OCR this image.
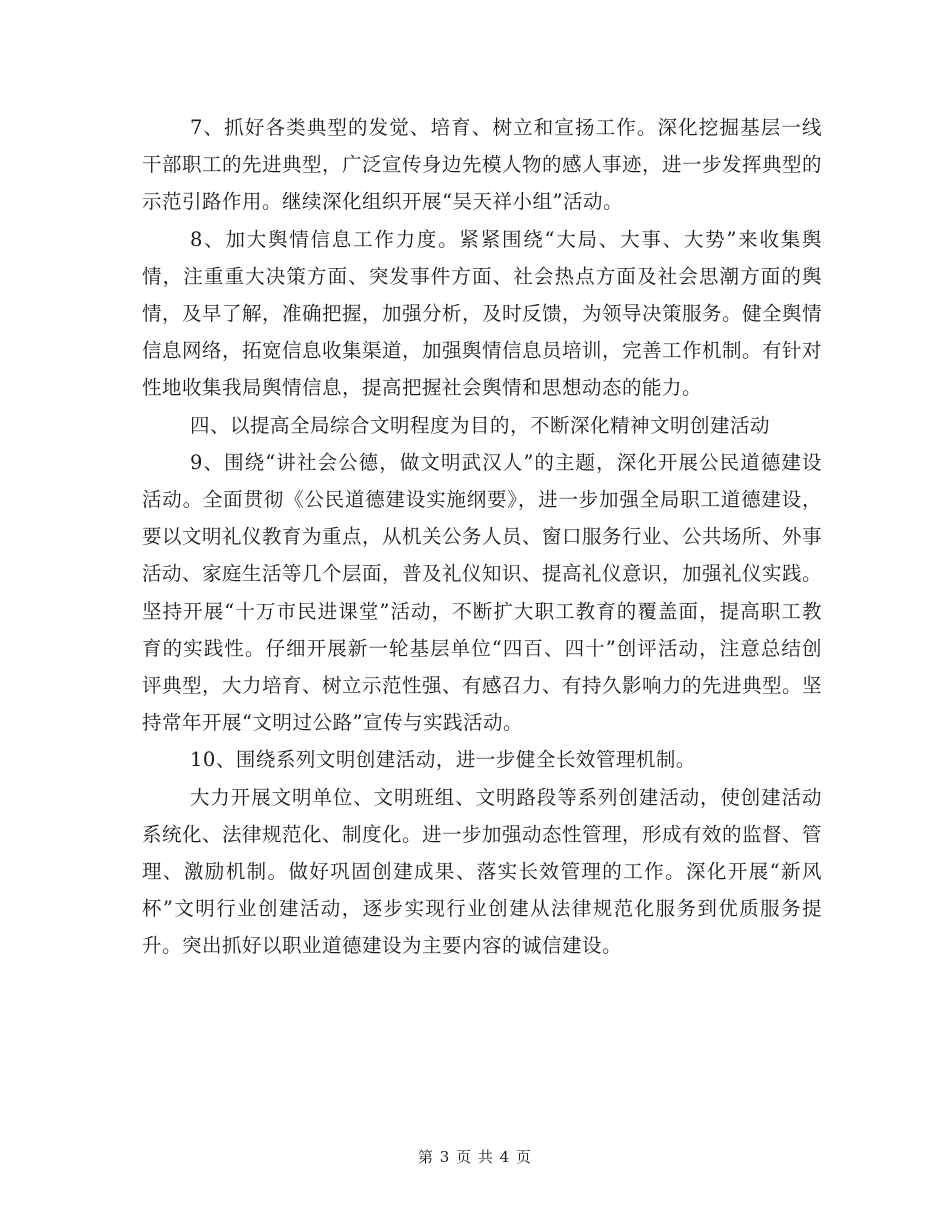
7、抓好各类典型的发觉、培育、树立和宣扬工作。深化挖掘基层一线干部职工的先进典型，广泛宣传身边先模人物的感人事迹，进一步发挥典型的示范引路作用。继续深化组织开展“吴天祥小组”活动。

8、加大舆情信息工作力度。紧紧围绕“大局、大事、大势”来收集舆情，注重重大决策方面、突发事件方面、社会热点方面及社会思潮方面的舆情，及早了解，准确把握，加强分析，及时反馈，为领导决策服务。健全舆情信息网络，拓宽信息收集渠道，加强舆情信息员培训，完善工作机制。有针对性地收集我局舆情信息，提高把握社会舆情和思想动态的能力。

四、以提高全局综合文明程度为目的，不断深化精神文明创建活动

9、围绕“讲社会公德，做文明武汉人”的主题，深化开展公民道德建设活动。全面贯彻《公民道德建设实施纲要》，进一步加强全局职工道德建设，要以文明礼仪教育为重点，从机关公务人员、窗口服务行业、公共场所、外事活动、家庭生活等几个层面，普及礼仪知识、提高礼仪意识，加强礼仪实践。坚持开展“十万市民进课堂”活动，不断扩大职工教育的覆盖面，提高职工教育的实践性。仔细开展新一轮基层单位“四百、四十”创评活动，注意总结创评典型，大力培育、树立示范性强、有感召力、有持久影响力的先进典型。坚持常年开展“文明过公路”宣传与实践活动。

10、围绕系列文明创建活动，进一步健全长效管理机制。

大力开展文明单位、文明班组、文明路段等系列创建活动，使创建活动系统化、法律规范化、制度化。进一步加强动态性管理，形成有效的监督、管理、激励机制。做好巩固创建成果、落实长效管理的工作。深化开展“新风杯”文明行业创建活动，逐步实现行业创建从法律规范化服务到优质服务提升。突出抓好以职业道德建设为主要内容的诚信建设。

第 3 页 共 4 页
